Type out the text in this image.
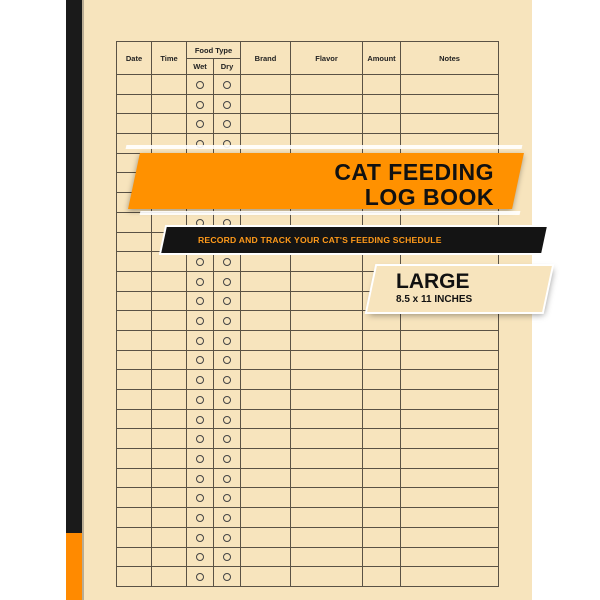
Date	Time	Food Type		Brand	Flavor	Amount	Notes
		Wet	Dry				

CAT FEEDING
LOG BOOK
RECORD AND TRACK YOUR CAT'S FEEDING SCHEDULE
LARGE
8.5 x 11 INCHES
